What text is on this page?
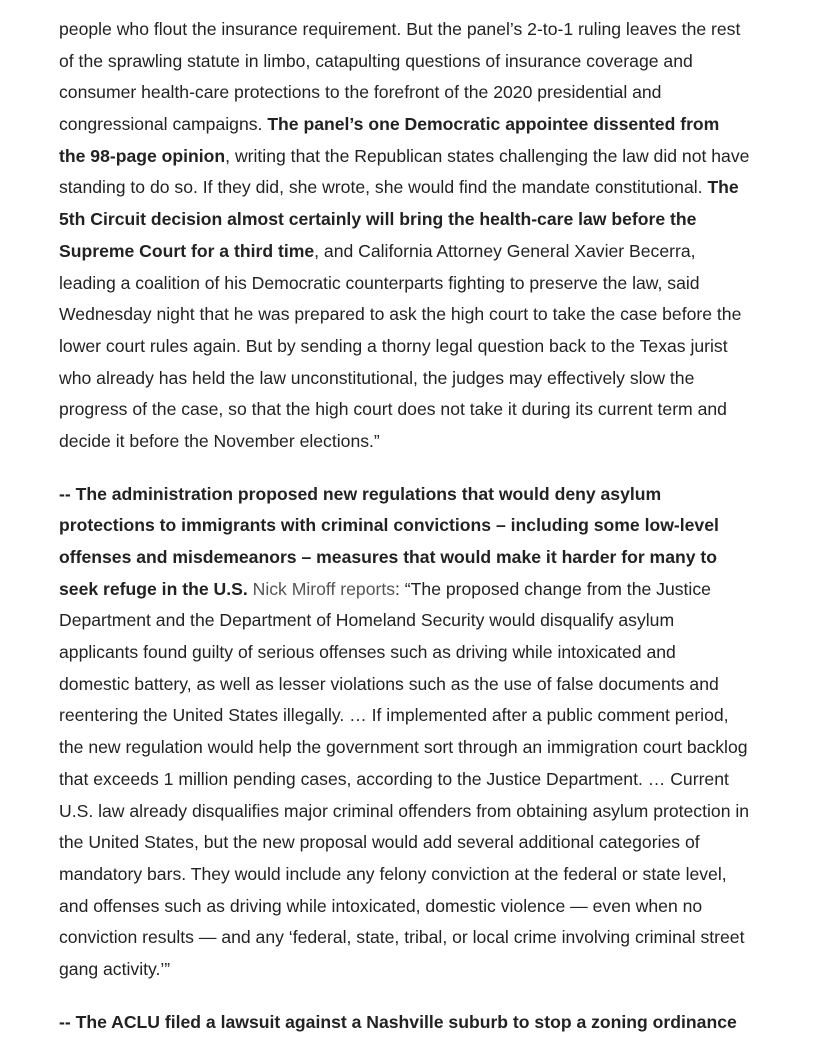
people who flout the insurance requirement. But the panel’s 2-to-1 ruling leaves the rest
of the sprawling statute in limbo, catapulting questions of insurance coverage and
consumer health-care protections to the forefront of the 2020 presidential and
congressional campaigns. The panel’s one Democratic appointee dissented from
the 98-page opinion, writing that the Republican states challenging the law did not have
standing to do so. If they did, she wrote, she would find the mandate constitutional. The
5th Circuit decision almost certainly will bring the health-care law before the
Supreme Court for a third time, and California Attorney General Xavier Becerra,
leading a coalition of his Democratic counterparts fighting to preserve the law, said
Wednesday night that he was prepared to ask the high court to take the case before the
lower court rules again. But by sending a thorny legal question back to the Texas jurist
who already has held the law unconstitutional, the judges may effectively slow the
progress of the case, so that the high court does not take it during its current term and
decide it before the November elections.”
-- The administration proposed new regulations that would deny asylum
protections to immigrants with criminal convictions – including some low-level
offenses and misdemeanors – measures that would make it harder for many to
seek refuge in the U.S. Nick Miroff reports: “The proposed change from the Justice
Department and the Department of Homeland Security would disqualify asylum
applicants found guilty of serious offenses such as driving while intoxicated and
domestic battery, as well as lesser violations such as the use of false documents and
reentering the United States illegally. … If implemented after a public comment period,
the new regulation would help the government sort through an immigration court backlog
that exceeds 1 million pending cases, according to the Justice Department. … Current
U.S. law already disqualifies major criminal offenders from obtaining asylum protection in
the United States, but the new proposal would add several additional categories of
mandatory bars. They would include any felony conviction at the federal or state level,
and offenses such as driving while intoxicated, domestic violence — even when no
conviction results — and any ‘federal, state, tribal, or local crime involving criminal street
gang activity.’”
-- The ACLU filed a lawsuit against a Nashville suburb to stop a zoning ordinance
